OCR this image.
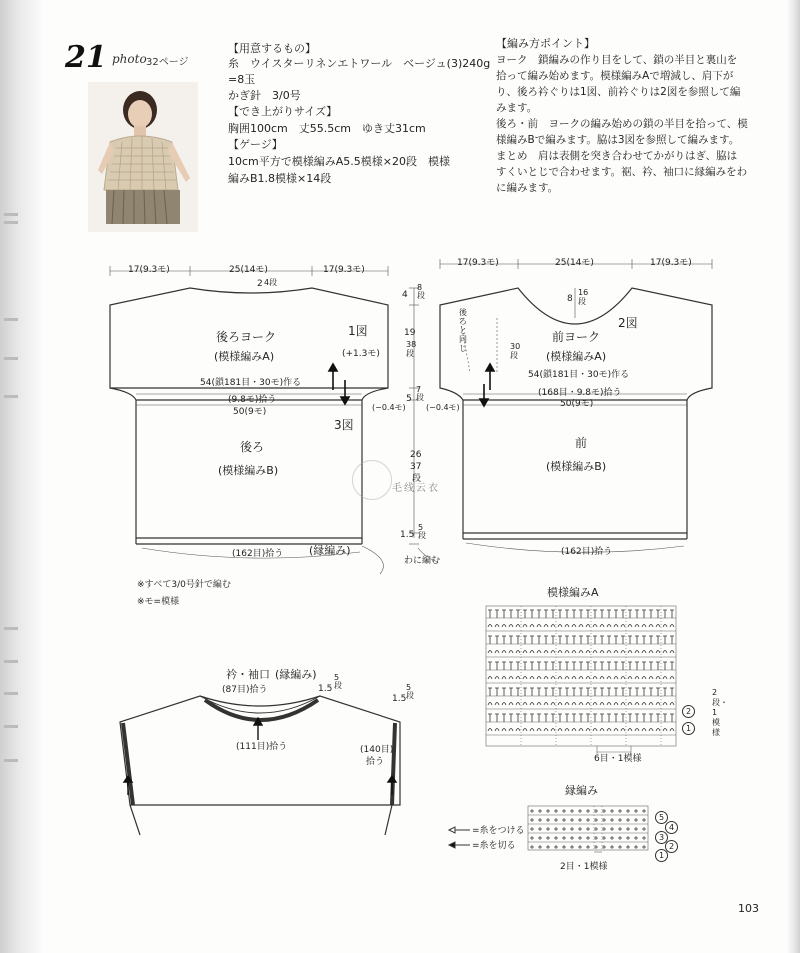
21 photo 32ページ
【用意するもの】
糸　ウイスターリネンエトワール　ベージュ(3)240g
=8玉
かぎ針　3/0号
【でき上がりサイズ】
胸囲100cm　丈55.5cm　ゆき丈31cm
【ゲージ】
10cm平方で模様編みA5.5模様×20段　模様
編みB1.8模様×14段
【編み方ポイント】
ヨーク　鎖編みの作り目をして、鎖の半目と裏山を
拾って編み始めます。模様編みAで増減し、肩下が
り、後ろ衿ぐりは1図、前衿ぐりは2図を参照して編
みます。
後ろ・前　ヨークの編み始めの鎖の半目を拾って、模
様編みBで編みます。脇は3図を参照して編みます。
まとめ　肩は表側を突き合わせてかがりはぎ、脇は
すくいとじで合わせます。裾、衿、袖口に縁編みをわ
に編みます。
17(9.3モ)	25(14モ)	17(9.3モ)
2 4段
後ろヨーク
(模様編みA)
1図
(+1.3モ)
54(鎖181目・30モ)作る
(9.8モ)拾う
50(9モ)
3図
後ろ
(模様編みB)
(縁編み)
(162目)拾う
4
8段
19
38段
5
7段
(−0.4モ)	(−0.4モ)
26
37
段
1.5
5段
わに編む
17(9.3モ)	25(14モ)	17(9.3モ)
8
16段
後ろと同じ	30段
2図
前ヨーク
(模様編みA)
54(鎖181目・30モ)作る
(168目・9.8モ)拾う
50(9モ)
前
(模様編みB)
(162目)拾う
毛线云衣
※すべて3/0号針で編む
※モ=模様
衿・袖口 (縁編み)
(87目)拾う	1.5
5段
(111目)拾う
1.5
5段
(140目)
拾う
模様編みA
2
1
2段・1模様
6目・1模様
縁編み
5
4
3
2
1
=糸をつける
=糸を切る
2目・1模様
103
